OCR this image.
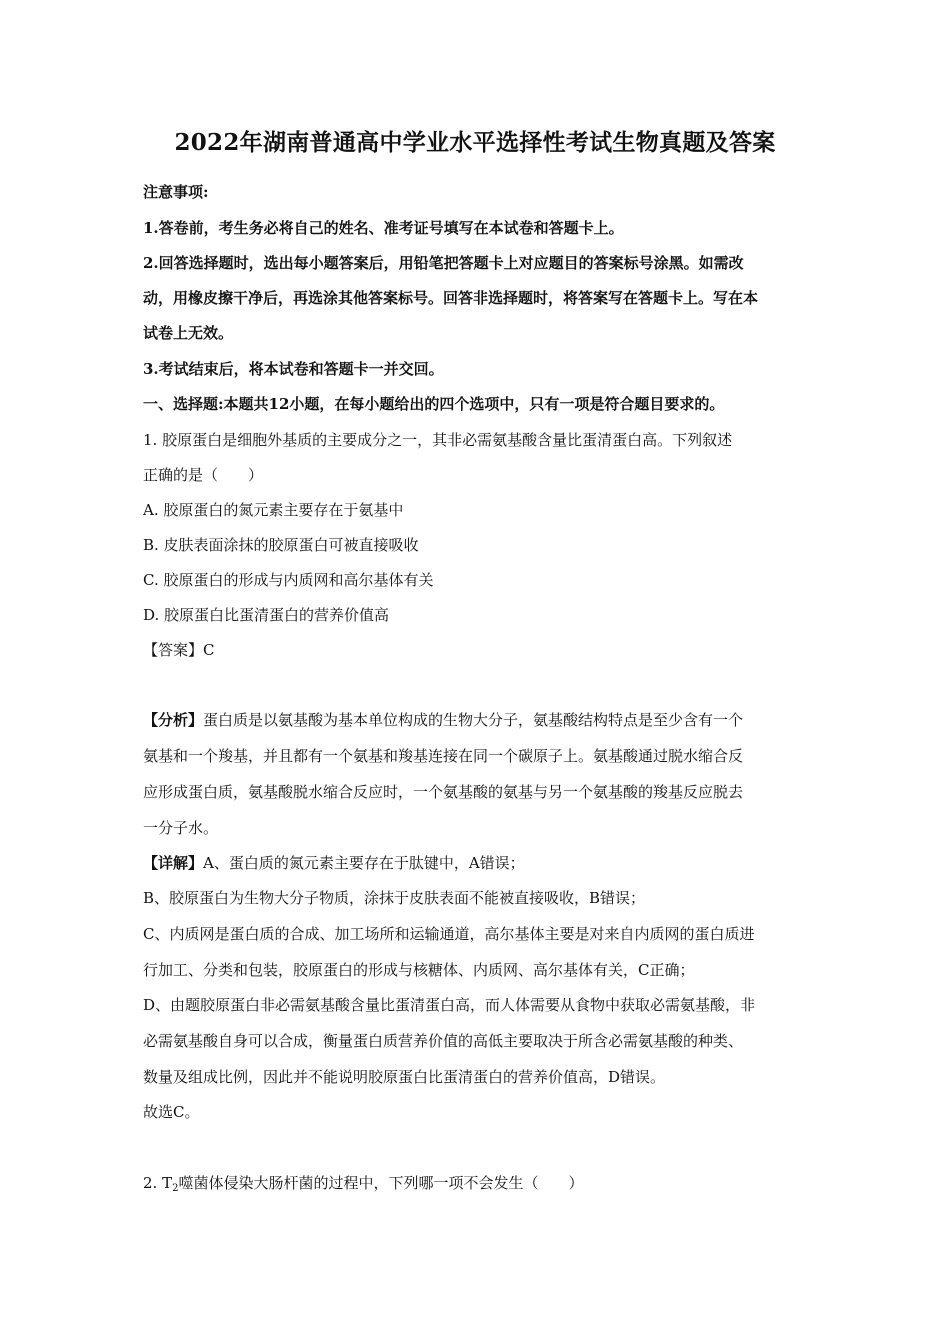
2022年湖南普通高中学业水平选择性考试生物真题及答案
注意事项:
1.答卷前，考生务必将自己的姓名、准考证号填写在本试卷和答题卡上。
2.回答选择题时，选出每小题答案后，用铅笔把答题卡上对应题目的答案标号涂黑。如需改
动，用橡皮擦干净后，再选涂其他答案标号。回答非选择题时，将答案写在答题卡上。写在本
试卷上无效。
3.考试结束后，将本试卷和答题卡一并交回。
一、选择题:本题共12小题，在每小题给出的四个选项中，只有一项是符合题目要求的。
1. 胶原蛋白是细胞外基质的主要成分之一，其非必需氨基酸含量比蛋清蛋白高。下列叙述
正确的是（　　）
A. 胶原蛋白的氮元素主要存在于氨基中
B. 皮肤表面涂抹的胶原蛋白可被直接吸收
C. 胶原蛋白的形成与内质网和高尔基体有关
D. 胶原蛋白比蛋清蛋白的营养价值高
【答案】C
【分析】蛋白质是以氨基酸为基本单位构成的生物大分子，氨基酸结构特点是至少含有一个
氨基和一个羧基，并且都有一个氨基和羧基连接在同一个碳原子上。氨基酸通过脱水缩合反
应形成蛋白质，氨基酸脱水缩合反应时，一个氨基酸的氨基与另一个氨基酸的羧基反应脱去
一分子水。
【详解】A、蛋白质的氮元素主要存在于肽键中，A错误；
B、胶原蛋白为生物大分子物质，涂抹于皮肤表面不能被直接吸收，B错误；
C、内质网是蛋白质的合成、加工场所和运输通道，高尔基体主要是对来自内质网的蛋白质进
行加工、分类和包装，胶原蛋白的形成与核糖体、内质网、高尔基体有关，C正确；
D、由题胶原蛋白非必需氨基酸含量比蛋清蛋白高，而人体需要从食物中获取必需氨基酸，非
必需氨基酸自身可以合成，衡量蛋白质营养价值的高低主要取决于所含必需氨基酸的种类、
数量及组成比例，因此并不能说明胶原蛋白比蛋清蛋白的营养价值高，D错误。
故选C。
2. $T_2$噬菌体侵染大肠杆菌的过程中，下列哪一项不会发生（　　）
